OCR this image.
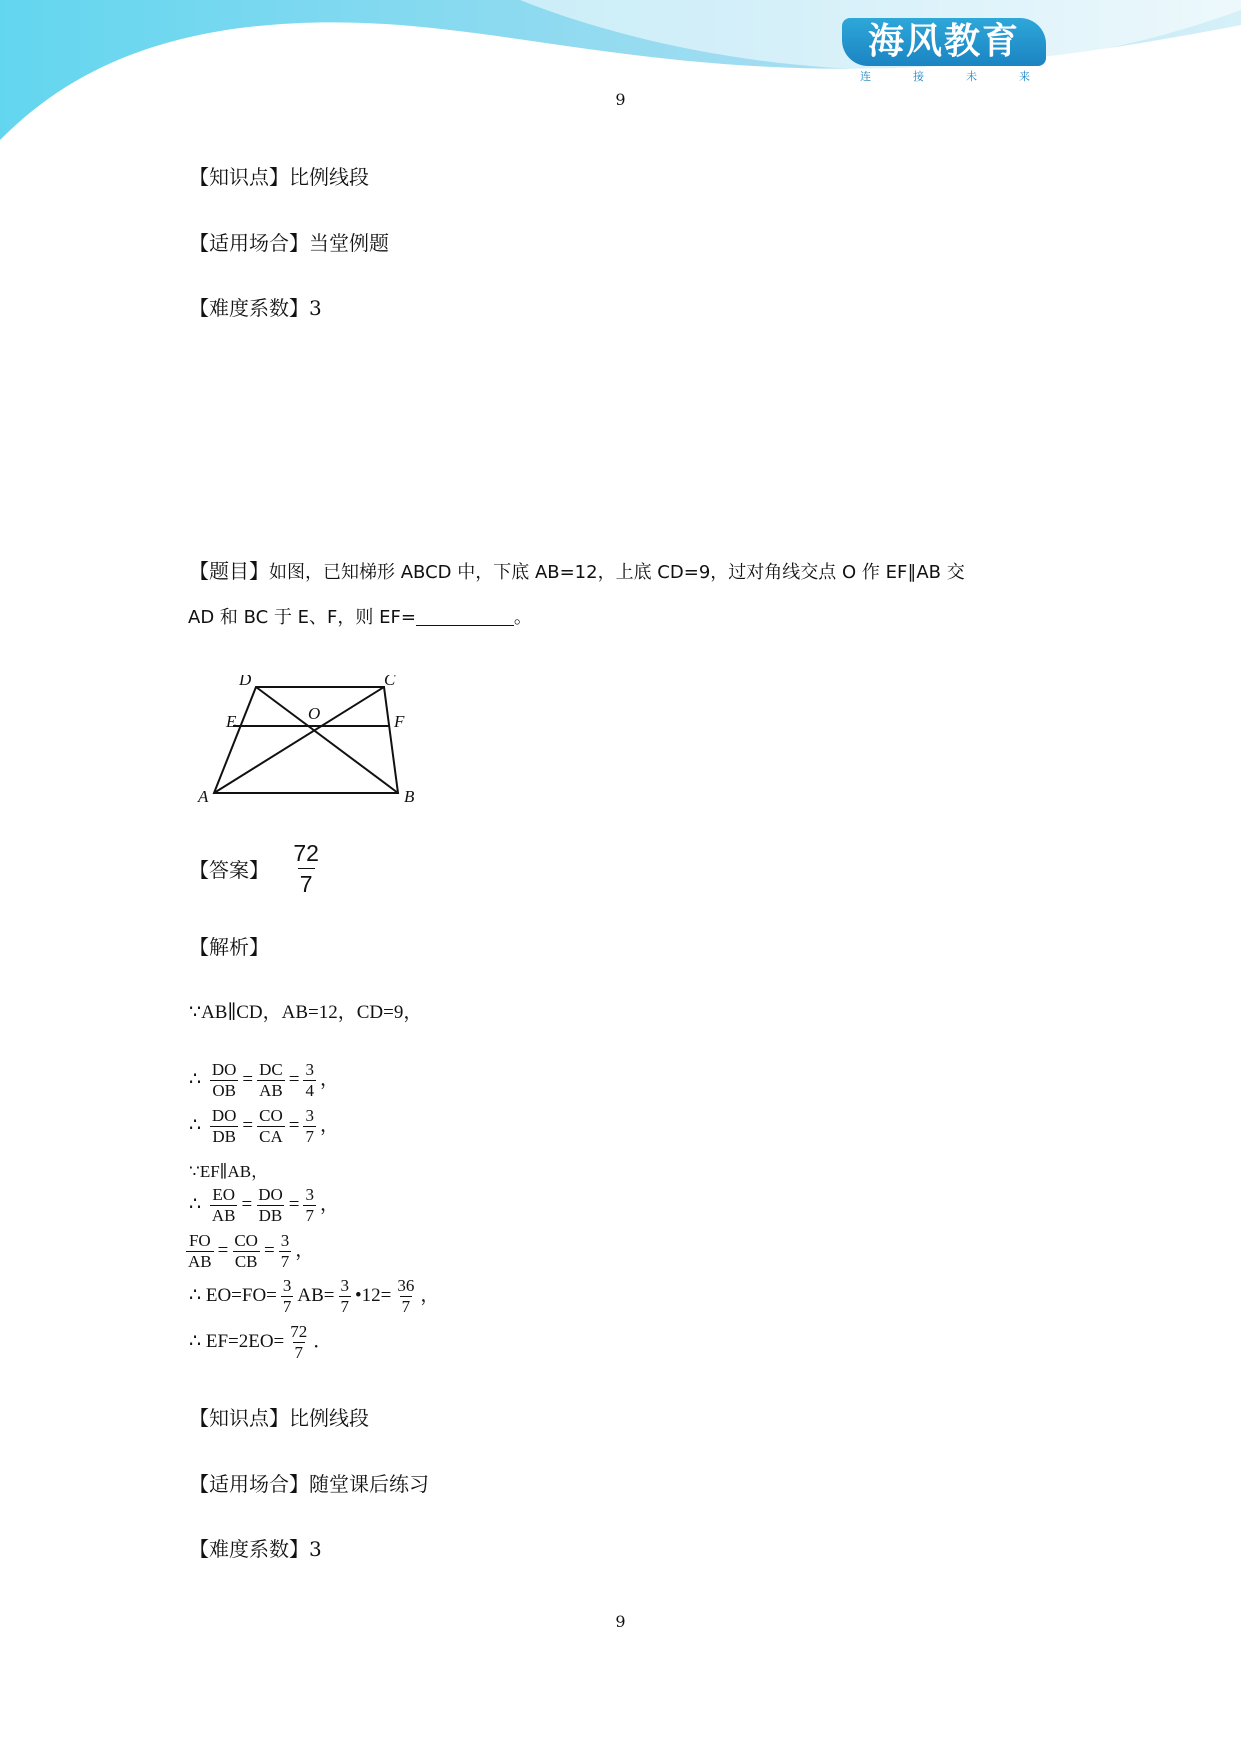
海风教育
连	接	未	来
9
【知识点】比例线段
【适用场合】当堂例题
【难度系数】3
【题目】如图，已知梯形 ABCD 中，下底 AB=12，上底 CD=9，过对角线交点 O 作 EF∥AB 交
AD 和 BC 于 E、F，则 EF=	。
A	B
C
D
E	F
O
【答案】 $\frac{72}{7}$
【解析】
∵AB∥CD，AB=12，CD=9，
∴ $\frac{DO}{OB} = \frac{DC}{AB} = \frac{3}{4}$ ，
∴ $\frac{DO}{DB} = \frac{CO}{CA} = \frac{3}{7}$ ，
∵EF∥AB，
∴ $\frac{EO}{AB} = \frac{DO}{DB} = \frac{3}{7}$ ，
$\frac{FO}{AB} = \frac{CO}{CB} = \frac{3}{7}$ ，
∴ $EO=FO= \frac{3}{7} AB= \frac{3}{7}$ •12= $\frac{36}{7}$ ，
∴ $EF=2EO= \frac{72}{7}$ ．
【知识点】比例线段
【适用场合】随堂课后练习
【难度系数】3
9
